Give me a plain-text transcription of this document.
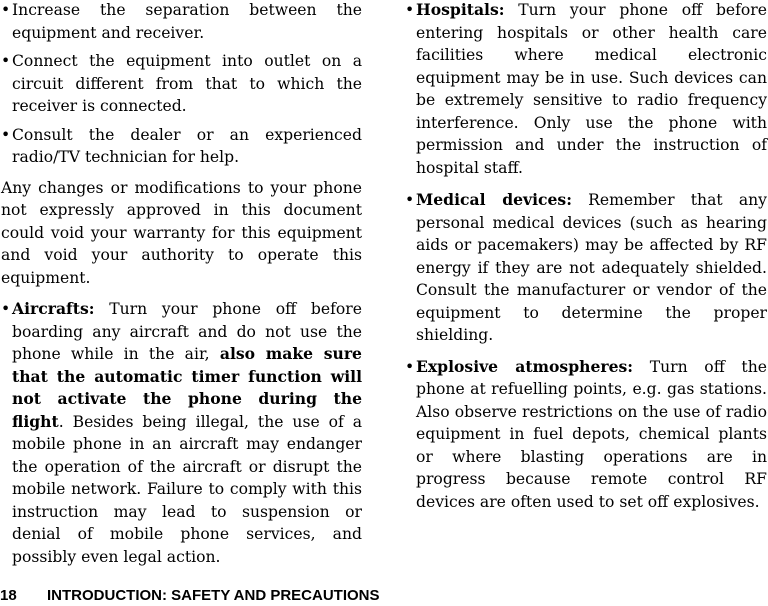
• Increase the separation between the equipment and receiver.

• Connect the equipment into outlet on a circuit different from that to which the receiver is connected.

• Consult the dealer or an experienced radio/TV technician for help.

Any changes or modifications to your phone not expressly approved in this document could void your warranty for this equipment and void your authority to operate this equipment.

• Aircrafts: Turn your phone off before boarding any aircraft and do not use the phone while in the air, also make sure that the automatic timer function will not activate the phone during the flight. Besides being illegal, the use of a mobile phone in an aircraft may endanger the operation of the aircraft or disrupt the mobile network. Failure to comply with this instruction may lead to suspension or denial of mobile phone services, and possibly even legal action.

• Hospitals: Turn your phone off before entering hospitals or other health care facilities where medical electronic equipment may be in use. Such devices can be extremely sensitive to radio frequency interference. Only use the phone with permission and under the instruction of hospital staff.

• Medical devices: Remember that any personal medical devices (such as hearing aids or pacemakers) may be affected by RF energy if they are not adequately shielded. Consult the manufacturer or vendor of the equipment to determine the proper shielding.

• Explosive atmospheres: Turn off the phone at refuelling points, e.g. gas stations. Also observe restrictions on the use of radio equipment in fuel depots, chemical plants or where blasting operations are in progress because remote control RF devices are often used to set off explosives.

18 INTRODUCTION: SAFETY AND PRECAUTIONS
